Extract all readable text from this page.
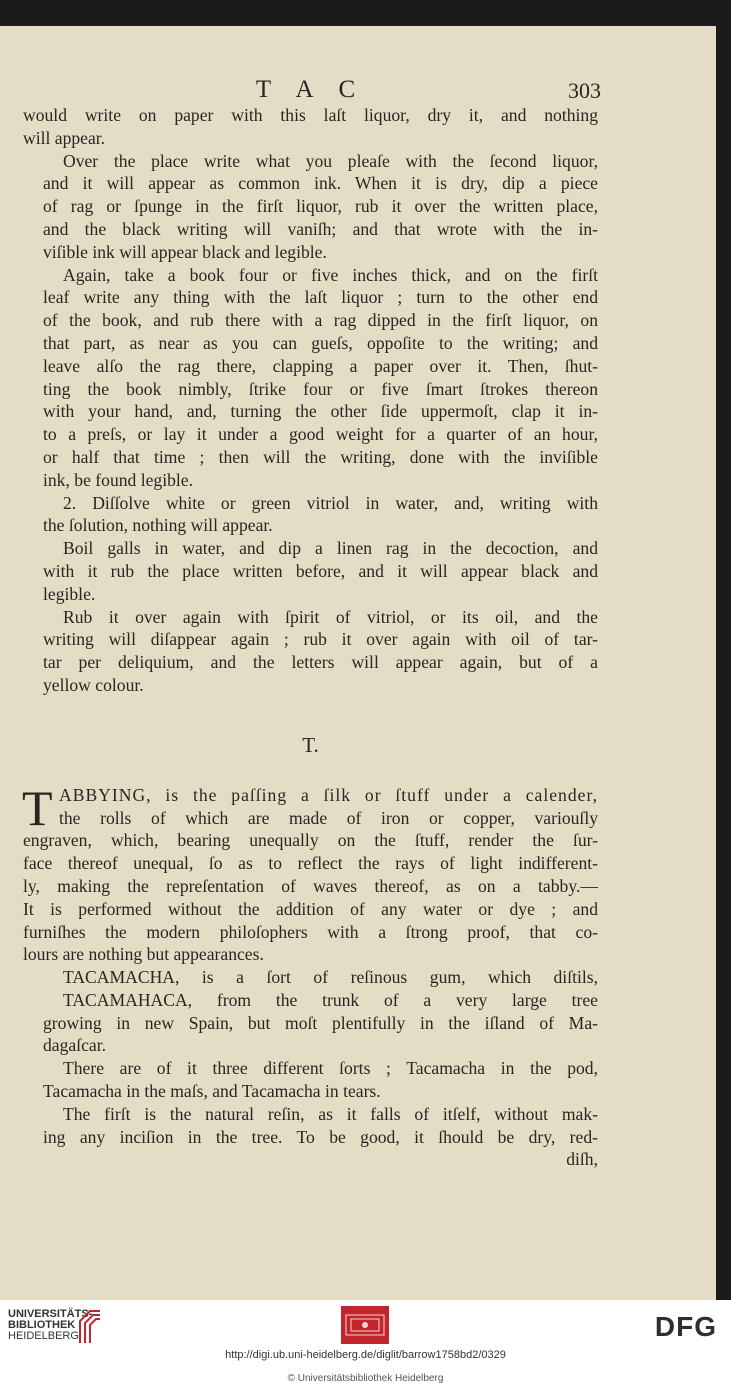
T A C	303

would write on paper with this laſt liquor, dry it, and nothing
will appear.

Over the place write what you pleaſe with the ſecond liquor,
and it will appear as common ink. When it is dry, dip a piece
of rag or ſpunge in the firſt liquor, rub it over the written place,
and the black writing will vaniſh; and that wrote with the in-
viſible ink will appear black and legible.

Again, take a book four or five inches thick, and on the firſt
leaf write any thing with the laſt liquor ; turn to the other end
of the book, and rub there with a rag dipped in the firſt liquor, on
that part, as near as you can gueſs, oppoſite to the writing; and
leave alſo the rag there, clapping a paper over it. Then, ſhut-
ting the book nimbly, ſtrike four or five ſmart ſtrokes thereon
with your hand, and, turning the other ſide uppermoſt, clap it in-
to a preſs, or lay it under a good weight for a quarter of an hour,
or half that time ; then will the writing, done with the inviſible
ink, be found legible.

2. Diſſolve white or green vitriol in water, and, writing with
the ſolution, nothing will appear.

Boil galls in water, and dip a linen rag in the decoction, and
with it rub the place written before, and it will appear black and
legible.

Rub it over again with ſpirit of vitriol, or its oil, and the
writing will diſappear again ; rub it over again with oil of tar-
tar per deliquium, and the letters will appear again, but of a
yellow colour.

T.

T ABBYING, is the paſſing a ſilk or ſtuff under a calender,
the rolls of which are made of iron or copper, variouſly
engraven, which, bearing unequally on the ſtuff, render the ſur-
face thereof unequal, ſo as to reflect the rays of light indifferent-
ly, making the repreſentation of waves thereof, as on a tabby.—
It is performed without the addition of any water or dye ; and
furniſhes the modern philoſophers with a ſtrong proof, that co-
lours are nothing but appearances.

TACAMACHA, is a ſort of reſinous gum, which diſtils,
TACAMAHACA, from the trunk of a very large tree
growing in new Spain, but moſt plentifully in the iſland of Ma-
dagaſcar.

There are of it three different ſorts ; Tacamacha in the pod,
Tacamacha in the maſs, and Tacamacha in tears.

The firſt is the natural reſin, as it falls of itſelf, without mak-
ing any inciſion in the tree. To be good, it ſhould be dry, red-
diſh,

UNIVERSITÄTS-
BIBLIOTHEK
HEIDELBERG	DFG
http://digi.ub.uni-heidelberg.de/diglit/barrow1758bd2/0329
© Universitätsbibliothek Heidelberg
